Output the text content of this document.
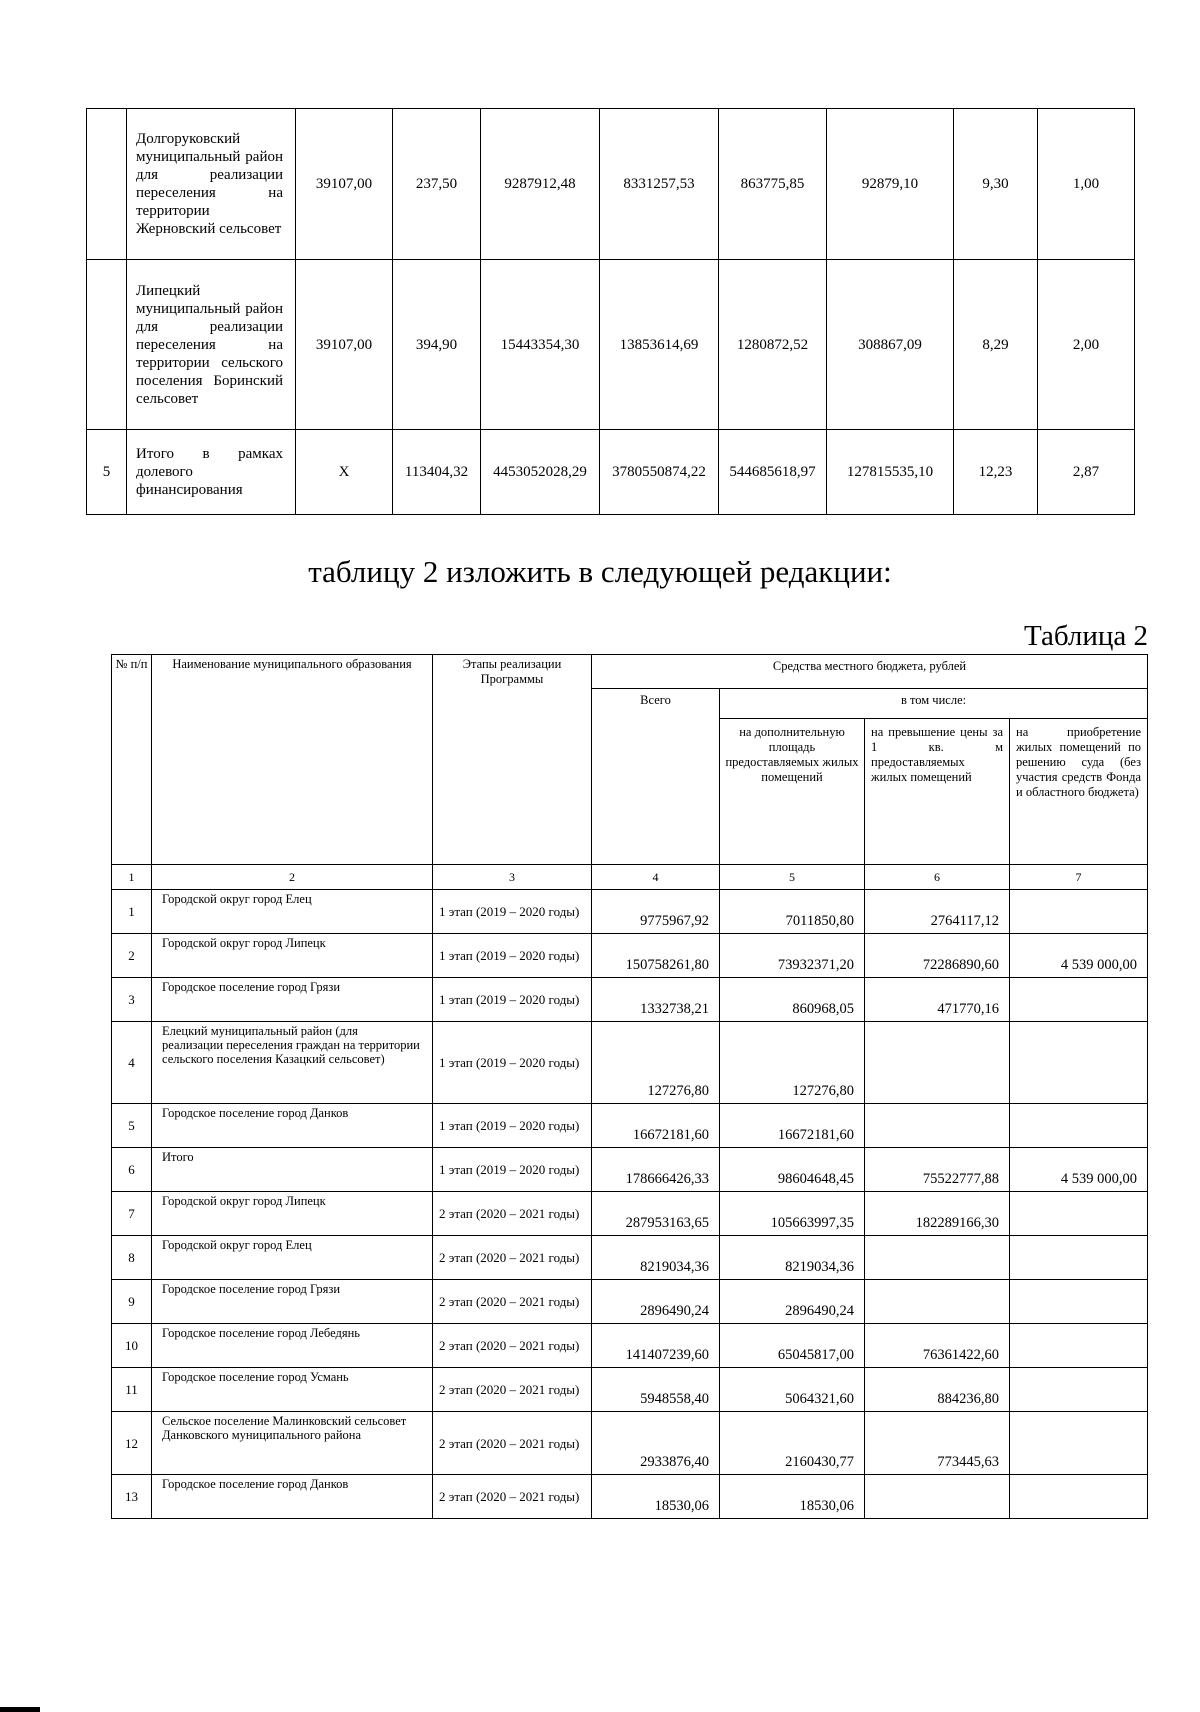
	Долгоруковский муниципальный район для реализации переселения на территории Жерновский сельсовет	39107,00	237,50	9287912,48	8331257,53	863775,85	92879,10	9,30	1,00
	Липецкий муниципальный район для реализации переселения на территории сельского поселения Боринский сельсовет	39107,00	394,90	15443354,30	13853614,69	1280872,52	308867,09	8,29	2,00
5	Итого в рамках долевого финансирования	Х	113404,32	4453052028,29	3780550874,22	544685618,97	127815535,10	12,23	2,87
таблицу 2 изложить в следующей редакции:
Таблица 2
№ п/п	Наименование муниципального образования	Этапы реализации Программы	Средства местного бюджета, рублей			
			Всего	в том числе:		
				на дополнительную площадь предоставляемых жилых помещений	на превышение цены за 1 кв. м предоставляемых жилых помещений	на приобретение жилых помещений по решению суда (без участия средств Фонда и областного бюджета)
1	2	3	4	5	6	7
1	Городской округ город Елец	1 этап (2019 – 2020 годы)	9775967,92	7011850,80	2764117,12	
2	Городской округ город Липецк	1 этап (2019 – 2020 годы)	150758261,80	73932371,20	72286890,60	4 539 000,00
3	Городское поселение город Грязи	1 этап (2019 – 2020 годы)	1332738,21	860968,05	471770,16	
4	Елецкий муниципальный район (для реализации переселения граждан на территории сельского поселения Казацкий сельсовет)	1 этап (2019 – 2020 годы)	127276,80	127276,80		
5	Городское поселение город Данков	1 этап (2019 – 2020 годы)	16672181,60	16672181,60		
6	Итого	1 этап (2019 – 2020 годы)	178666426,33	98604648,45	75522777,88	4 539 000,00
7	Городской округ город Липецк	2 этап (2020 – 2021 годы)	287953163,65	105663997,35	182289166,30	
8	Городской округ город Елец	2 этап (2020 – 2021 годы)	8219034,36	8219034,36		
9	Городское поселение город Грязи	2 этап (2020 – 2021 годы)	2896490,24	2896490,24		
10	Городское поселение город Лебедянь	2 этап (2020 – 2021 годы)	141407239,60	65045817,00	76361422,60	
11	Городское поселение город Усмань	2 этап (2020 – 2021 годы)	5948558,40	5064321,60	884236,80	
12	Сельское поселение Малинковский сельсовет Данковского муниципального района	2 этап (2020 – 2021 годы)	2933876,40	2160430,77	773445,63	
13	Городское поселение город Данков	2 этап (2020 – 2021 годы)	18530,06	18530,06		
